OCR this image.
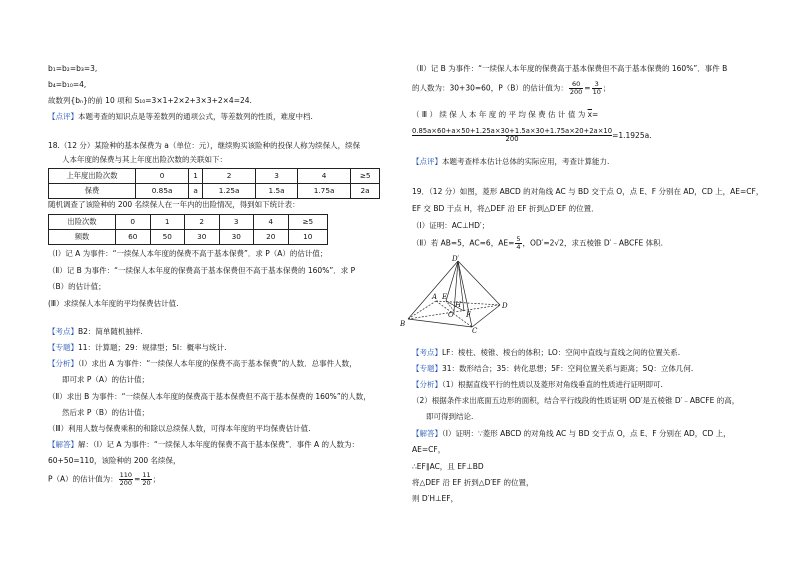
b₁=b₂=b₃=3,
b₄=b₁₀=4,
故数列{bₙ}的前 10 项和 S₁₀=3×1+2×2+3×3+2×4=24.
【点评】本题考查的知识点是等差数列的通项公式，等差数列的性质，难度中档.
18.（12 分）某险种的基本保费为 a（单位：元），继续购买该险种的投保人称为续保人，续保
人本年度的保费与其上年度出险次数的关联如下：
上年度出险次数	0	1	2	3	4	≥5
保费	0.85a	a	1.25a	1.5a	1.75a	2a
随机调查了该险种的 200 名续保人在一年内的出险情况，得到如下统计表：
出险次数	0	1	2	3	4	≥5
频数	60	50	30	30	20	10
（I）记 A 为事件：“一续保人本年度的保费不高于基本保费”．求 P（A）的估计值；
（Ⅱ）记 B 为事件：“一续保人本年度的保费高于基本保费但不高于基本保费的 160%”．求 P
（B）的估计值；
(Ⅲ）求续保人本年度的平均保费估计值.
【考点】B2：简单随机抽样.
【专题】11：计算题；29：规律型；5I：概率与统计.
【分析】（I）求出 A 为事件：“一续保人本年度的保费不高于基本保费”的人数．总事件人数，
即可求 P（A）的估计值；
（Ⅱ）求出 B 为事件：“一续保人本年度的保费高于基本保费但不高于基本保费的 160%”的人数，
然后求 P（B）的估计值；
（Ⅲ）利用人数与保费乘积的和除以总续保人数，可得本年度的平均保费估计值.
【解答】解：（I）记 A 为事件：“一续保人本年度的保费不高于基本保费”．事件 A 的人数为：
60+50=110，该险种的 200 名续保，
P（A）的估计值为： $\frac{110}{200} = \frac{11}{20}$ ；
（Ⅱ）记 B 为事件：“一续保人本年度的保费高于基本保费但不高于基本保费的 160%”．事件 B
的人数为：30+30=60，P（B）的估计值为： $\frac{60}{200} = \frac{3}{10}$ ；
（ Ⅲ ） 续 保 人 本 年 度 的 平 均 保 费 估 计 值 为 $\overline{x}=$
$\frac{0.85a\times 60+a\times 50+1.25a\times 30+1.5a\times 30+1.75a\times 20+2a\times 10}{200} =1.1925a$.
【点评】本题考查样本估计总体的实际应用，考查计算能力.
19．（12 分）如图，菱形 ABCD 的对角线 AC 与 BD 交于点 O，点 E、F 分别在 AD，CD 上，AE=CF，
EF 交 BD 于点 H，将△DEF 沿 EF 折到△D′EF 的位置．
（Ⅰ）证明：AC⊥HD′；
（Ⅱ）若 AB=5，AC=6，$AE= \frac{5}{4}$ ，OD′=2√2，求五棱锥 D′﹣ABCFE 体积.
D′
B
A
C
D
E
F
H
O
【考点】LF：棱柱、棱锥、棱台的体积；LO：空间中直线与直线之间的位置关系.
【专题】31：数形结合；35：转化思想；5F：空间位置关系与距离；5Q：立体几何.
【分析】（1）根据直线平行的性质以及菱形对角线垂直的性质进行证明即可.
（2）根据条件求出底面五边形的面积，结合平行线段的性质证明 OD′是五棱锥 D′﹣ABCFE 的高，
即可得到结论.
【解答】（Ⅰ）证明：∵菱形 ABCD 的对角线 AC 与 BD 交于点 O，点 E、F 分别在 AD，CD 上，
AE=CF，
∴EF∥AC，且 EF⊥BD
将△DEF 沿 EF 折到△D′EF 的位置，
则 D′H⊥EF，
